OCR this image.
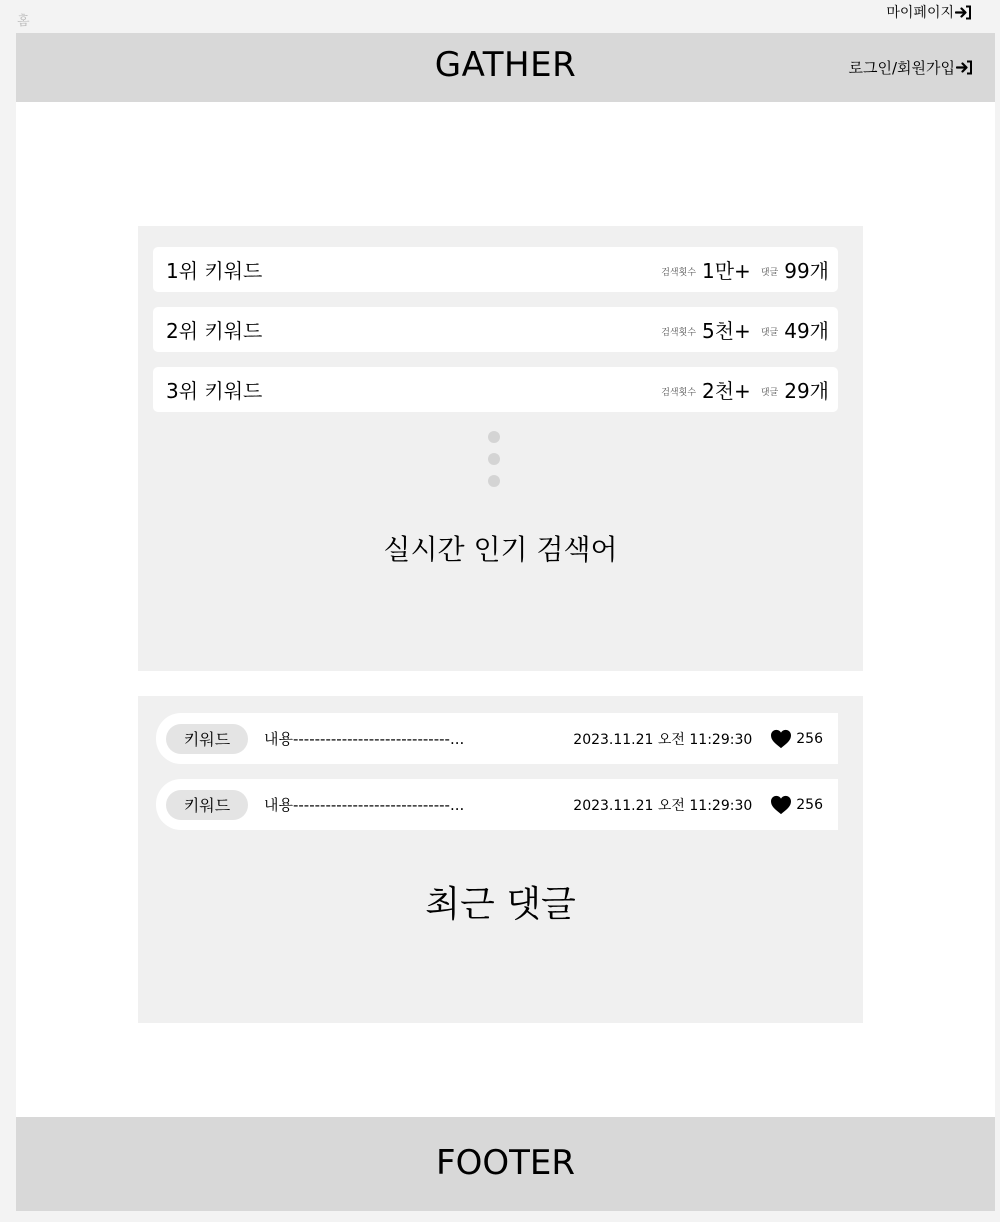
홈
마이페이지
GATHER	로그인/회원가입
1위 키워드	검색횟수 1만+ 댓글 99개
2위 키워드	검색횟수 5천+ 댓글 49개
3위 키워드	검색횟수 2천+ 댓글 29개
실시간 인기 검색어
키워드	내용-----------------------------...	2023.11.21 오전 11:29:30	256
키워드	내용-----------------------------...	2023.11.21 오전 11:29:30	256
최근 댓글
FOOTER
